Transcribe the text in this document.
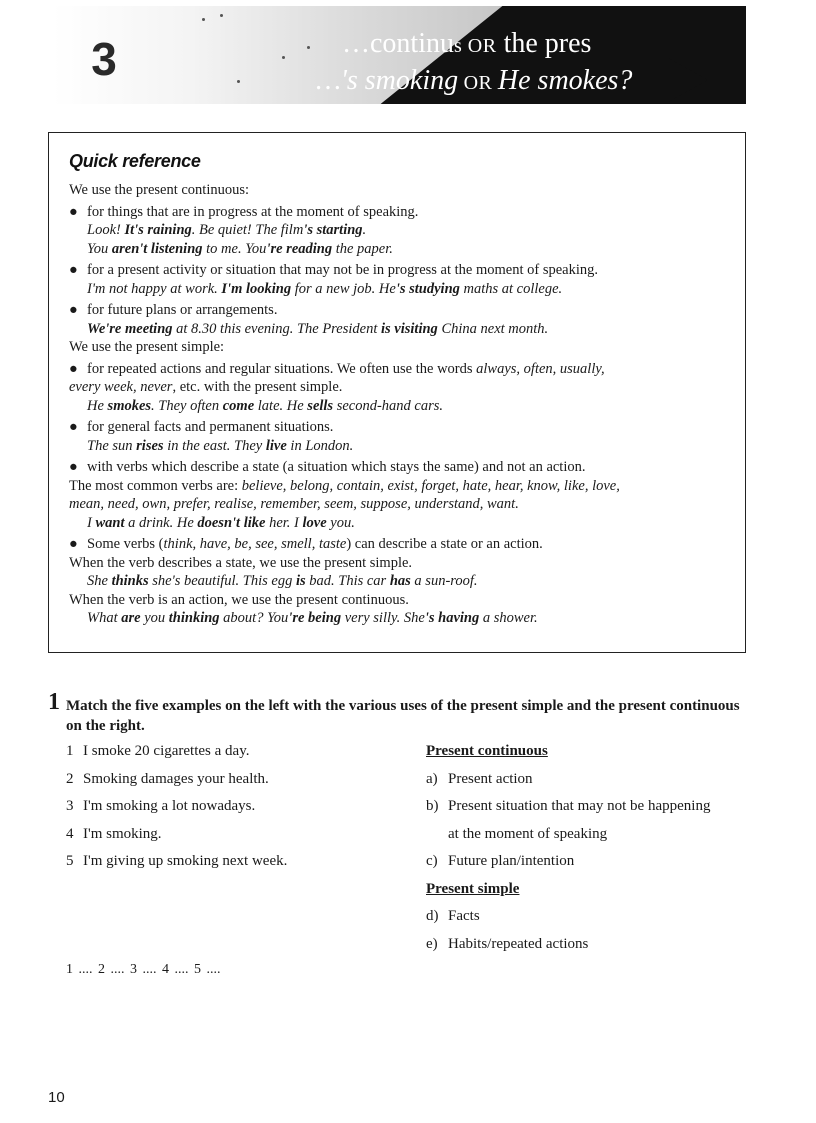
3	…continus OR the pres
…'s smoking OR He smokes?
Quick reference
We use the present continuous:
● for things that are in progress at the moment of speaking.
Look! It's raining. Be quiet! The film's starting.
You aren't listening to me. You're reading the paper.
● for a present activity or situation that may not be in progress at the moment of speaking.
I'm not happy at work. I'm looking for a new job. He's studying maths at college.
● for future plans or arrangements.
We're meeting at 8.30 this evening. The President is visiting China next month.
We use the present simple:
● for repeated actions and regular situations. We often use the words always, often, usually,
every week, never, etc. with the present simple.
He smokes. They often come late. He sells second-hand cars.
● for general facts and permanent situations.
The sun rises in the east. They live in London.
● with verbs which describe a state (a situation which stays the same) and not an action.
The most common verbs are: believe, belong, contain, exist, forget, hate, hear, know, like, love,
mean, need, own, prefer, realise, remember, seem, suppose, understand, want.
I want a drink. He doesn't like her. I love you.
● Some verbs (think, have, be, see, smell, taste) can describe a state or an action.
When the verb describes a state, we use the present simple.
She thinks she's beautiful. This egg is bad. This car has a sun-roof.
When the verb is an action, we use the present continuous.
What are you thinking about? You're being very silly. She's having a shower.
1 Match the five examples on the left with the various uses of the present simple and the present continuous on the right.
1 I smoke 20 cigarettes a day.
2 Smoking damages your health.
3 I'm smoking a lot nowadays.
4 I'm smoking.
5 I'm giving up smoking next week.
Present continuous
a) Present action
b) Present situation that may not be happening
at the moment of speaking
c) Future plan/intention
Present simple
d) Facts
e) Habits/repeated actions
1 .... 2 .... 3 .... 4 .... 5 ....
10
